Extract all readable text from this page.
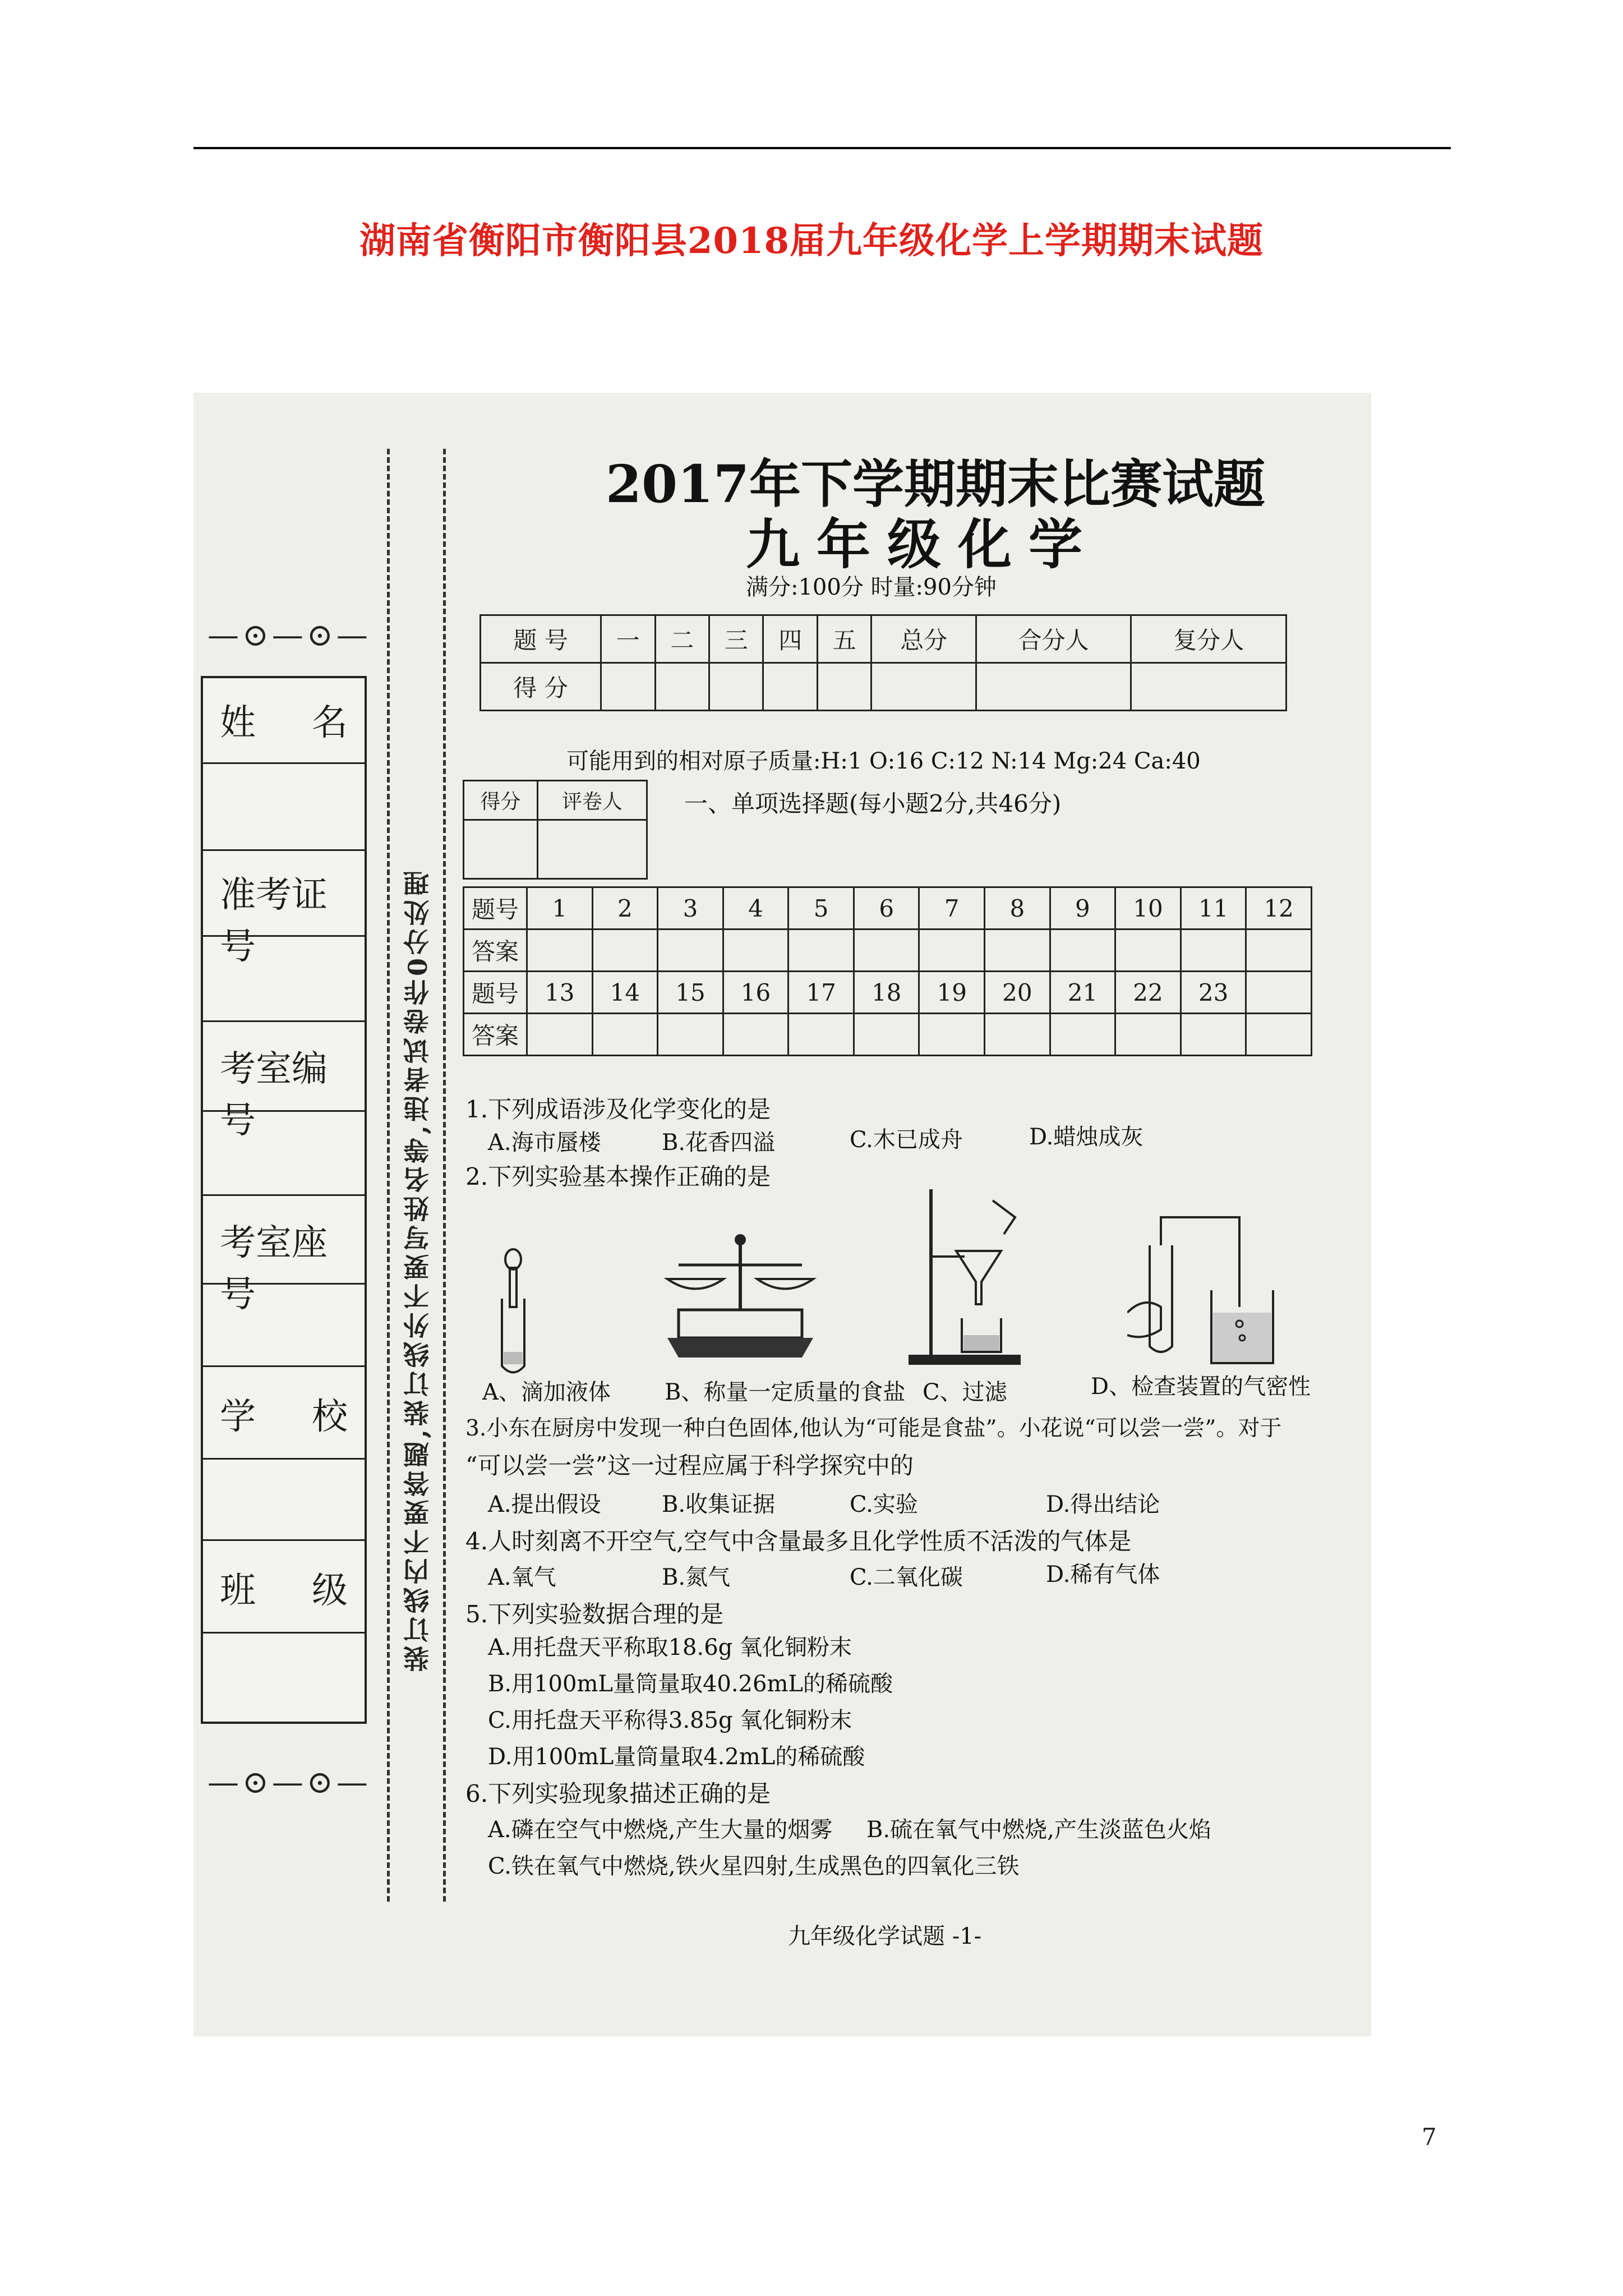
湖南省衡阳市衡阳县2018届九年级化学上学期期末试题
—⊙—⊙—
—⊙—⊙—
姓 名
准考证号
考室编号
考室座号
学 校
班 级 装订线内不要答题,装订线外不要写姓名等,违者试卷作0分处理
2017年下学期期末比赛试题
九年级化学
满分:100分 时量:90分钟
题 号	一	二	三	四	五	总分	合分人	复分人
得 分								
可能用到的相对原子质量:H:1 O:16 C:12 N:14 Mg:24 Ca:40
得分	评卷人
		一、单项选择题(每小题2分,共46分)
题号	1	2	3	4	5	6	7	8	9	10	11	12
答案												
题号	13	14	15	16	17	18	19	20	21	22	23	
答案												
1.下列成语涉及化学变化的是
A.海市蜃楼	B.花香四溢	C.木已成舟	D.蜡烛成灰
2.下列实验基本操作正确的是
A、滴加液体 B、称量一定质量的食盐 C、过滤	D、检查装置的气密性
3.小东在厨房中发现一种白色固体,他认为“可能是食盐”。小花说“可以尝一尝”。对于
“可以尝一尝”这一过程应属于科学探究中的
A.提出假设	B.收集证据	C.实验	D.得出结论
4.人时刻离不开空气,空气中含量最多且化学性质不活泼的气体是
A.氧气	B.氮气	C.二氧化碳	D.稀有气体
5.下列实验数据合理的是
A.用托盘天平称取18.6g 氧化铜粉末
B.用100mL量筒量取40.26mL的稀硫酸
C.用托盘天平称得3.85g 氧化铜粉末
D.用100mL量筒量取4.2mL的稀硫酸
6.下列实验现象描述正确的是
A.磷在空气中燃烧,产生大量的烟雾 B.硫在氧气中燃烧,产生淡蓝色火焰
C.铁在氧气中燃烧,铁火星四射,生成黑色的四氧化三铁
九年级化学试题 -1-
7
